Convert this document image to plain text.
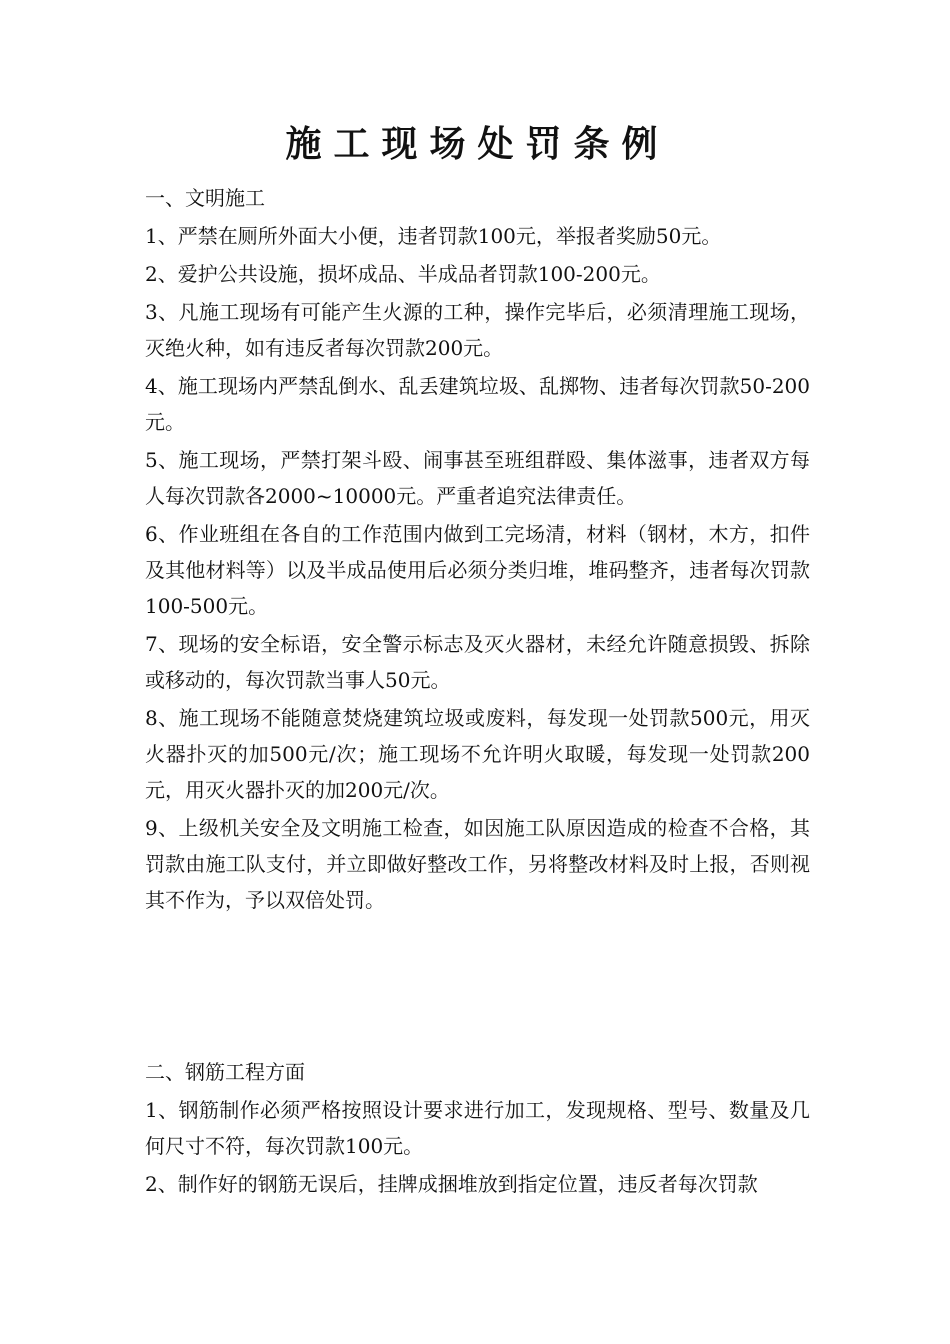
施工现场处罚条例
一、文明施工
1、严禁在厕所外面大小便，违者罚款100元，举报者奖励50元。
2、爱护公共设施，损坏成品、半成品者罚款100-200元。
3、凡施工现场有可能产生火源的工种，操作完毕后，必须清理施工现场，灭绝火种，如有违反者每次罚款200元。
4、施工现场内严禁乱倒水、乱丢建筑垃圾、乱掷物、违者每次罚款50-200元。
5、施工现场，严禁打架斗殴、闹事甚至班组群殴、集体滋事，违者双方每人每次罚款各2000~10000元。严重者追究法律责任。
6、作业班组在各自的工作范围内做到工完场清，材料（钢材，木方，扣件及其他材料等）以及半成品使用后必须分类归堆，堆码整齐，违者每次罚款100-500元。
7、现场的安全标语，安全警示标志及灭火器材，未经允许随意损毁、拆除或移动的，每次罚款当事人50元。
8、施工现场不能随意焚烧建筑垃圾或废料，每发现一处罚款500元，用灭火器扑灭的加500元/次；施工现场不允许明火取暖，每发现一处罚款200元，用灭火器扑灭的加200元/次。
9、上级机关安全及文明施工检查，如因施工队原因造成的检查不合格，其罚款由施工队支付，并立即做好整改工作，另将整改材料及时上报，否则视其不作为，予以双倍处罚。
二、钢筋工程方面
1、钢筋制作必须严格按照设计要求进行加工，发现规格、型号、数量及几何尺寸不符，每次罚款100元。
2、制作好的钢筋无误后，挂牌成捆堆放到指定位置，违反者每次罚款
